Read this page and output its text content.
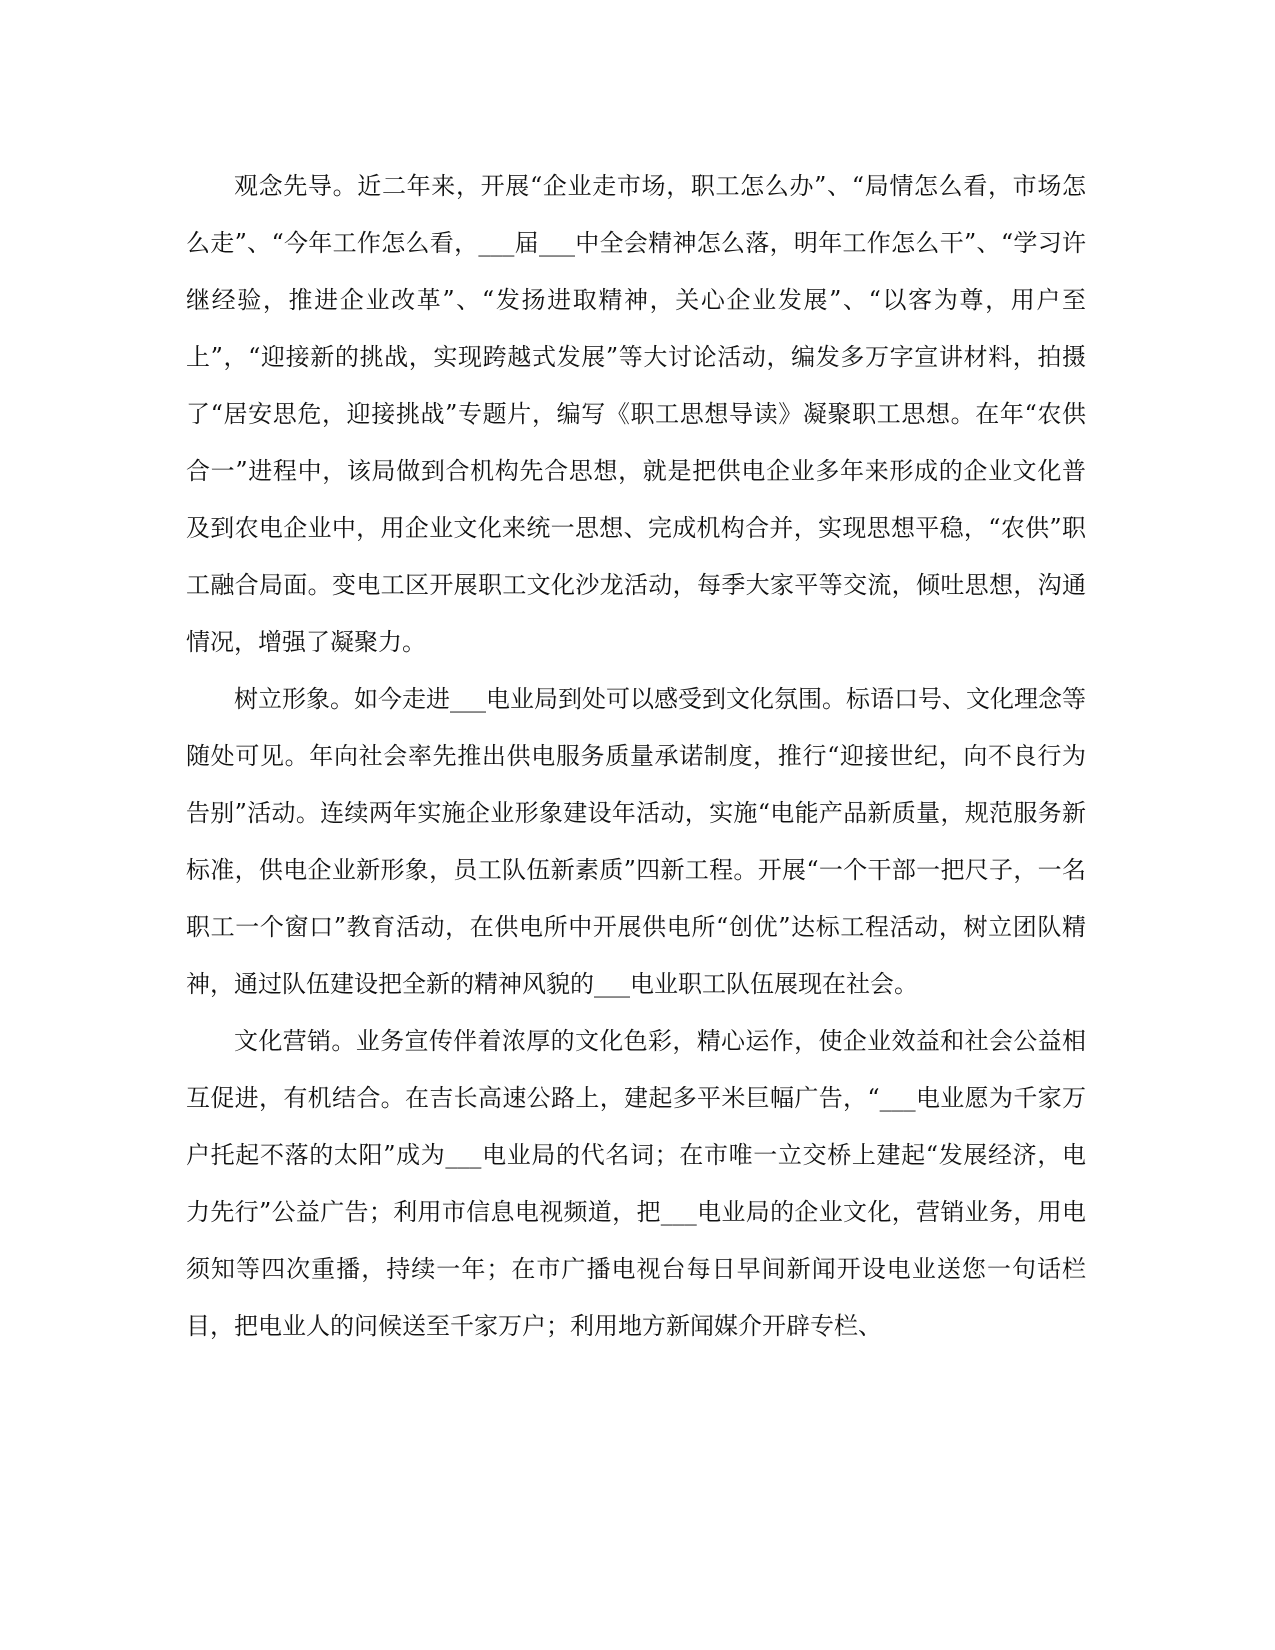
观念先导。近二年来，开展“企业走市场，职工怎么办”、“局情怎么看，市场怎么走”、“今年工作怎么看，___届___中全会精神怎么落，明年工作怎么干”、“学习许继经验，推进企业改革”、“发扬进取精神，关心企业发展”、“以客为尊，用户至上”，“迎接新的挑战，实现跨越式发展”等大讨论活动，编发多万字宣讲材料，拍摄了“居安思危，迎接挑战”专题片，编写《职工思想导读》凝聚职工思想。在年“农供合一”进程中，该局做到合机构先合思想，就是把供电企业多年来形成的企业文化普及到农电企业中，用企业文化来统一思想、完成机构合并，实现思想平稳，“农供”职工融合局面。变电工区开展职工文化沙龙活动，每季大家平等交流，倾吐思想，沟通情况，增强了凝聚力。

树立形象。如今走进___电业局到处可以感受到文化氛围。标语口号、文化理念等随处可见。年向社会率先推出供电服务质量承诺制度，推行“迎接世纪，向不良行为告别”活动。连续两年实施企业形象建设年活动，实施“电能产品新质量，规范服务新标准，供电企业新形象，员工队伍新素质”四新工程。开展“一个干部一把尺子，一名职工一个窗口”教育活动，在供电所中开展供电所“创优”达标工程活动，树立团队精神，通过队伍建设把全新的精神风貌的___电业职工队伍展现在社会。

文化营销。业务宣传伴着浓厚的文化色彩，精心运作，使企业效益和社会公益相互促进，有机结合。在吉长高速公路上，建起多平米巨幅广告，“___电业愿为千家万户托起不落的太阳”成为___电业局的代名词；在市唯一立交桥上建起“发展经济，电力先行”公益广告；利用市信息电视频道，把___电业局的企业文化，营销业务，用电须知等四次重播，持续一年；在市广播电视台每日早间新闻开设电业送您一句话栏目，把电业人的问候送至千家万户；利用地方新闻媒介开辟专栏、
